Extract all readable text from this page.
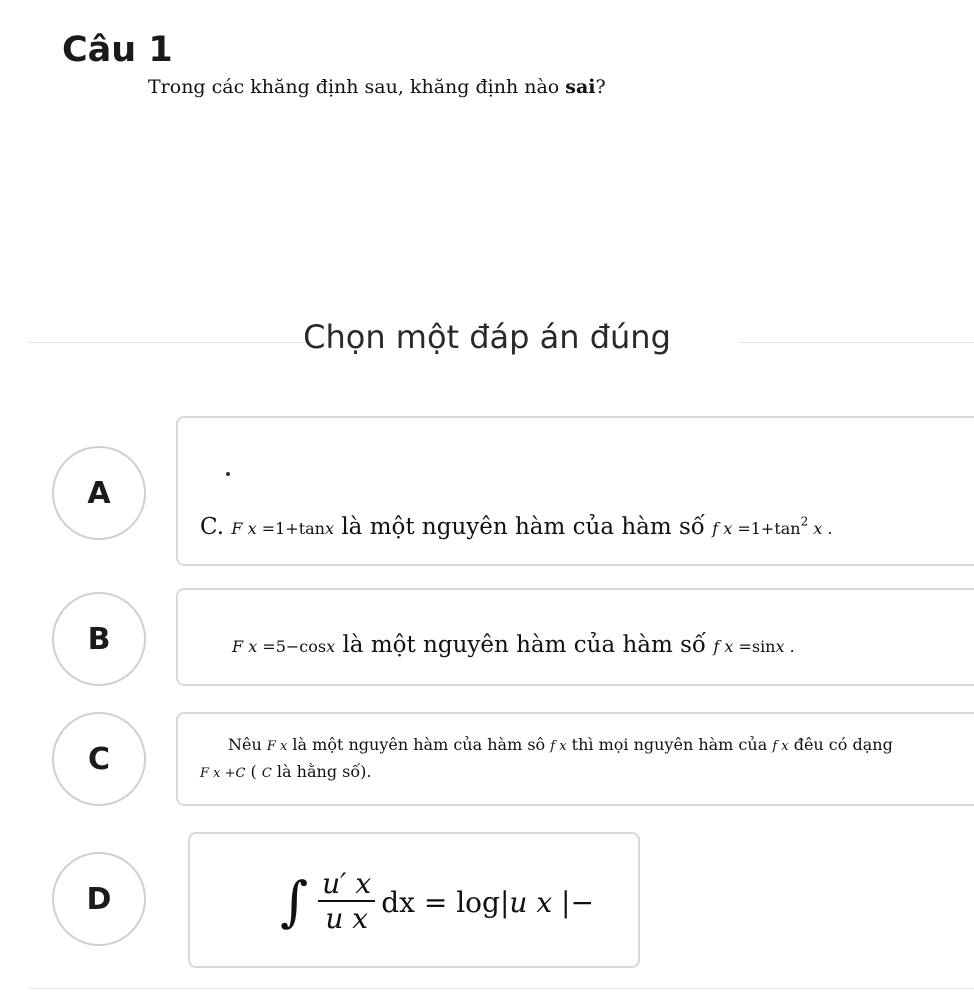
Câu 1
Trong các khăng định sau, khăng định nào sai?
Chọn một đáp án đúng
A
C. F x =1+tanx là một nguyên hàm của hàm số f $x =1+\tan^2$ x .
B	F x =5−cosx là một nguyên hàm của hàm số f x =sinx .
C	Nêu F x là một nguyên hàm của hàm sô f x thì mọi nguyên hàm của f x đêu có dạng
F x +C ( C là hằng số).
D	∫ $\frac{u' x}{\text{u x}}$ dx = log |u x | −
